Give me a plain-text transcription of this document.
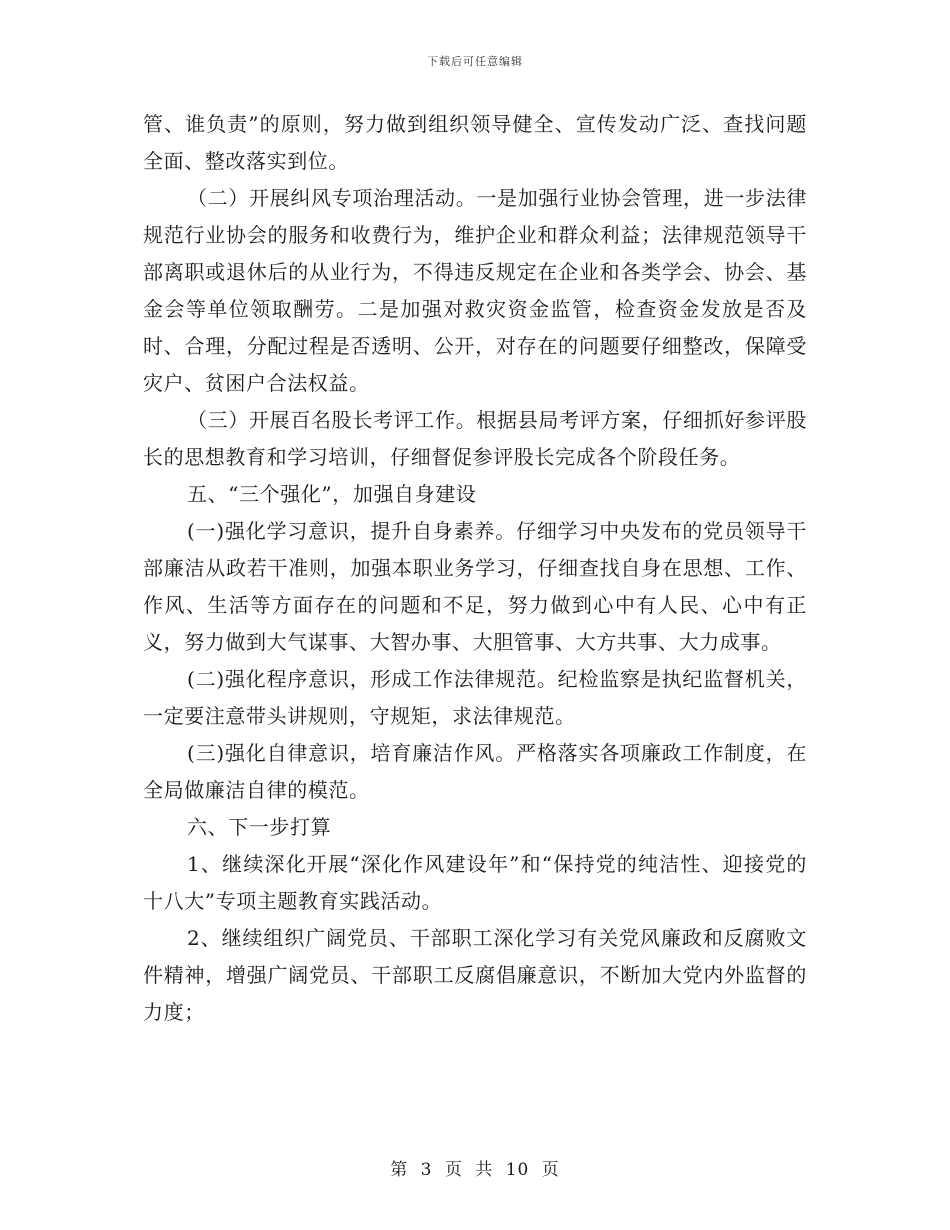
下载后可任意编辑

管、谁负责”的原则，努力做到组织领导健全、宣传发动广泛、查找问题全面、整改落实到位。

（二）开展纠风专项治理活动。一是加强行业协会管理，进一步法律规范行业协会的服务和收费行为，维护企业和群众利益；法律规范领导干部离职或退休后的从业行为，不得违反规定在企业和各类学会、协会、基金会等单位领取酬劳。二是加强对救灾资金监管，检查资金发放是否及时、合理，分配过程是否透明、公开，对存在的问题要仔细整改，保障受灾户、贫困户合法权益。

（三）开展百名股长考评工作。根据县局考评方案，仔细抓好参评股长的思想教育和学习培训，仔细督促参评股长完成各个阶段任务。

五、“三个强化”，加强自身建设

(一)强化学习意识，提升自身素养。仔细学习中央发布的党员领导干部廉洁从政若干准则，加强本职业务学习，仔细查找自身在思想、工作、作风、生活等方面存在的问题和不足，努力做到心中有人民、心中有正义，努力做到大气谋事、大智办事、大胆管事、大方共事、大力成事。

(二)强化程序意识，形成工作法律规范。纪检监察是执纪监督机关，一定要注意带头讲规则，守规矩，求法律规范。

(三)强化自律意识，培育廉洁作风。严格落实各项廉政工作制度，在全局做廉洁自律的模范。

六、下一步打算

1、继续深化开展“深化作风建设年”和“保持党的纯洁性、迎接党的十八大”专项主题教育实践活动。

2、继续组织广阔党员、干部职工深化学习有关党风廉政和反腐败文件精神，增强广阔党员、干部职工反腐倡廉意识，不断加大党内外监督的力度；

第 3 页 共 10 页
